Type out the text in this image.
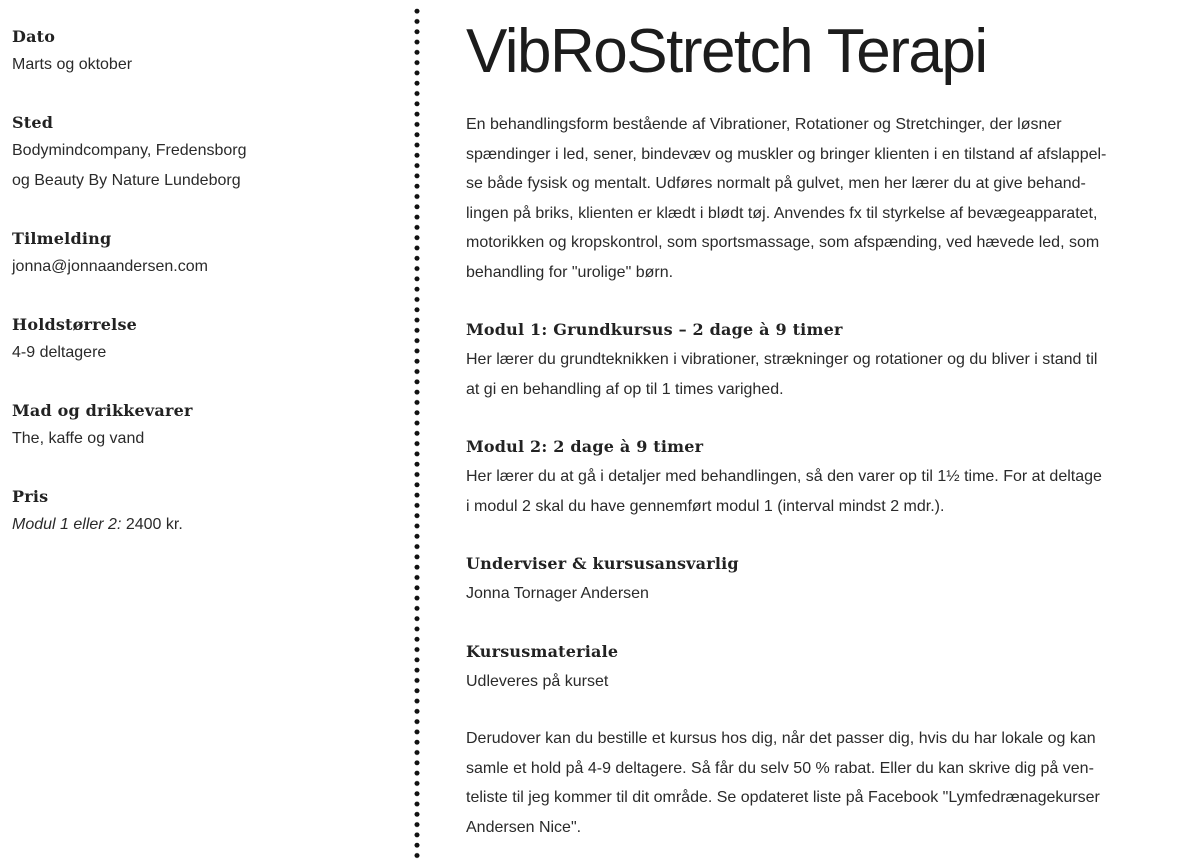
Dato
Marts og oktober
Sted
Bodymindcompany, Fredensborg
og Beauty By Nature Lundeborg
Tilmelding
jonna@jonnaandersen.com
Holdstørrelse
4-9 deltagere
Mad og drikkevarer
The, kaffe og vand
Pris
Modul 1 eller 2: 2400 kr.
VibRoStretch Terapi
En behandlingsform bestående af Vibrationer, Rotationer og Stretchinger, der løsner
spændinger i led, sener, bindevæv og muskler og bringer klienten i en tilstand af afslappel-
se både fysisk og mentalt. Udføres normalt på gulvet, men her lærer du at give behand-
lingen på briks, klienten er klædt i blødt tøj. Anvendes fx til styrkelse af bevægeapparatet,
motorikken og kropskontrol, som sportsmassage, som afspænding, ved hævede led, som
behandling for "urolige" børn.
Modul 1: Grundkursus – 2 dage à 9 timer
Her lærer du grundteknikken i vibrationer, strækninger og rotationer og du bliver i stand til
at gi en behandling af op til 1 times varighed.
Modul 2: 2 dage à 9 timer
Her lærer du at gå i detaljer med behandlingen, så den varer op til 1½ time. For at deltage
i modul 2 skal du have gennemført modul 1 (interval mindst 2 mdr.).
Underviser & kursusansvarlig
Jonna Tornager Andersen
Kursusmateriale
Udleveres på kurset
Derudover kan du bestille et kursus hos dig, når det passer dig, hvis du har lokale og kan
samle et hold på 4-9 deltagere. Så får du selv 50 % rabat. Eller du kan skrive dig på ven-
teliste til jeg kommer til dit område. Se opdateret liste på Facebook "Lymfedrænagekurser
Andersen Nice".
